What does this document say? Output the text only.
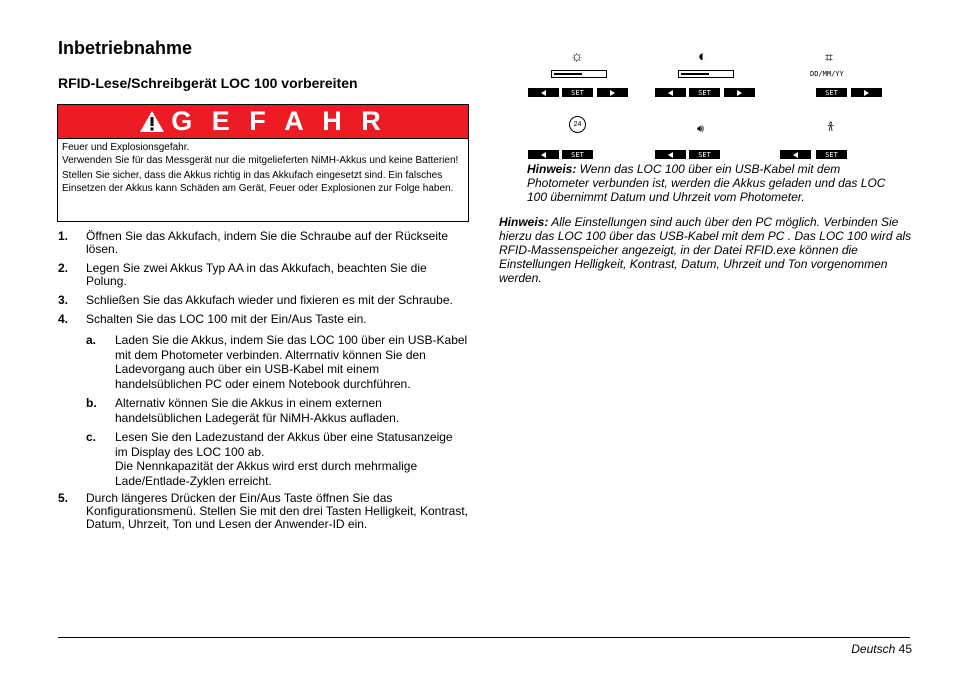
Inbetriebnahme
RFID-Lese/Schreibgerät LOC 100 vorbereiten
G E F A H R

Feuer und Explosionsgefahr.

Verwenden Sie für das Messgerät nur die mitgelieferten NiMH-Akkus und keine Batterien!

Stellen Sie sicher, dass die Akkus richtig in das Akkufach eingesetzt sind. Ein falsches Einsetzen der Akkus kann Schäden am Gerät, Feuer oder Explosionen zur Folge haben.

1.	Öffnen Sie das Akkufach, indem Sie die Schraube auf der Rückseite lösen.
2.	Legen Sie zwei Akkus Typ AA in das Akkufach, beachten Sie die Polung.
3.	Schließen Sie das Akkufach wieder und fixieren es mit der Schraube.
4.	Schalten Sie das LOC 100 mit der Ein/Aus Taste ein.
a.	Laden Sie die Akkus, indem Sie das LOC 100 über ein USB-Kabel mit dem Photometer verbinden. Alterrnativ können Sie den Ladevorgang auch über ein USB-Kabel mit einem handelsüblichen PC oder einem Notebook durchführen.
b.	Alternativ können Sie die Akkus in einem externen handelsüblichen Ladegerät für NiMH-Akkus aufladen.
c.	Lesen Sie den Ladezustand der Akkus über eine Statusanzeige im Display des LOC 100 ab.
Die Nennkapazität der Akkus wird erst durch mehrmalige Lade/Entlade-Zyklen erreicht.
5.	Durch längeres Drücken der Ein/Aus Taste öffnen Sie das Konfigurationsmenü. Stellen Sie mit den drei Tasten Helligkeit, Kontrast, Datum, Uhrzeit, Ton und Lesen der Anwender-ID ein.
☼	◐	⌗
DD/MM/YY
SET	SET	SET
24	🔊︎	𐀪
SET	SET	SET
Hinweis: Wenn das LOC 100 über ein USB-Kabel mit dem Photometer verbunden ist, werden die Akkus geladen und das LOC 100 übernimmt Datum und Uhrzeit vom Photometer.
Hinweis: Alle Einstellungen sind auch über den PC möglich. Verbinden Sie hierzu das LOC 100 über das USB-Kabel mit dem PC . Das LOC 100 wird als RFID-Massenspeicher angezeigt, in der Datei RFID.exe können die Einstellungen Helligkeit, Kontrast, Datum, Uhrzeit und Ton vorgenommen werden.
Deutsch 45
